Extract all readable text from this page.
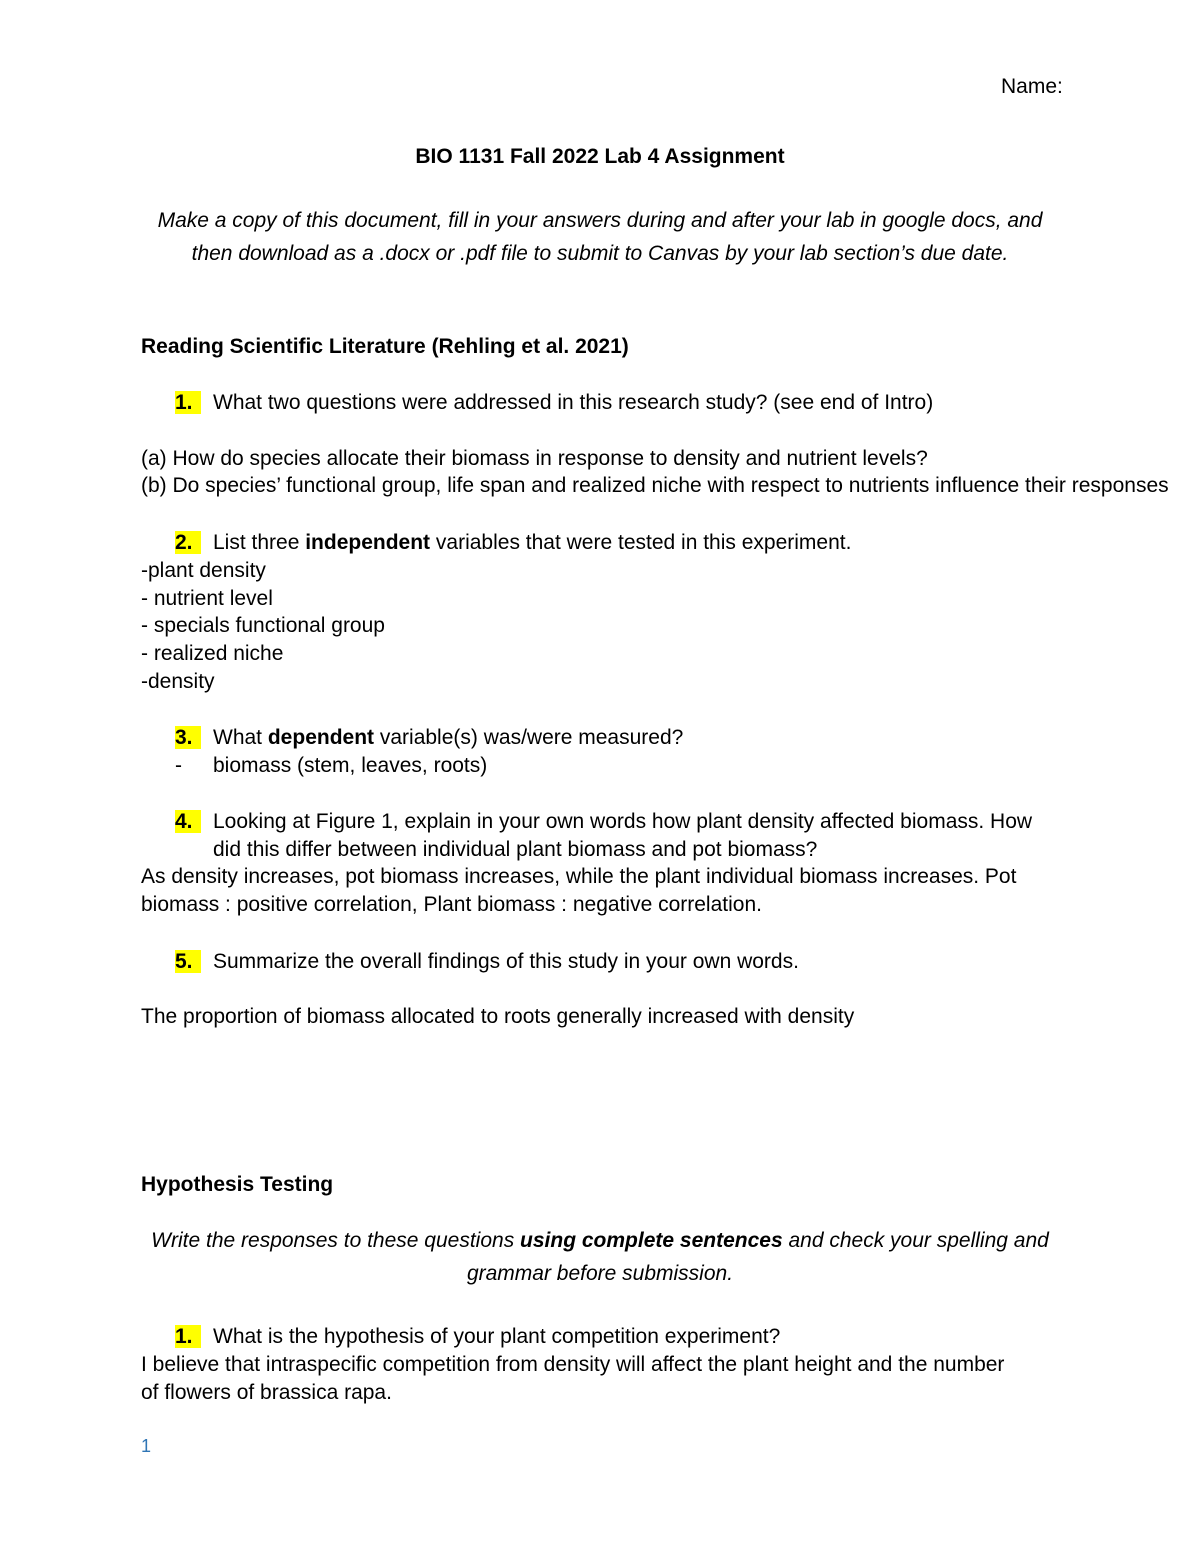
Name:
BIO 1131 Fall 2022 Lab 4 Assignment
Make a copy of this document, fill in your answers during and after your lab in google docs, and
then download as a .docx or .pdf file to submit to Canvas by your lab section’s due date.
Reading Scientific Literature (Rehling et al. 2021)
1. What two questions were addressed in this research study? (see end of Intro)
(a) How do species allocate their biomass in response to density and nutrient levels?
(b) Do species’ functional group, life span and realized niche with respect to nutrients influence their responses
2. List three independent variables that were tested in this experiment.
-plant density
- nutrient level
- specials functional group
- realized niche
-density
3. What dependent variable(s) was/were measured?
- biomass (stem, leaves, roots)
4. Looking at Figure 1, explain in your own words how plant density affected biomass. How
did this differ between individual plant biomass and pot biomass?
As density increases, pot biomass increases, while the plant individual biomass increases. Pot
biomass : positive correlation, Plant biomass : negative correlation.
5. Summarize the overall findings of this study in your own words.
The proportion of biomass allocated to roots generally increased with density
Hypothesis Testing
Write the responses to these questions using complete sentences and check your spelling and
grammar before submission.
1. What is the hypothesis of your plant competition experiment?
I believe that intraspecific competition from density will affect the plant height and the number
of flowers of brassica rapa.
1
